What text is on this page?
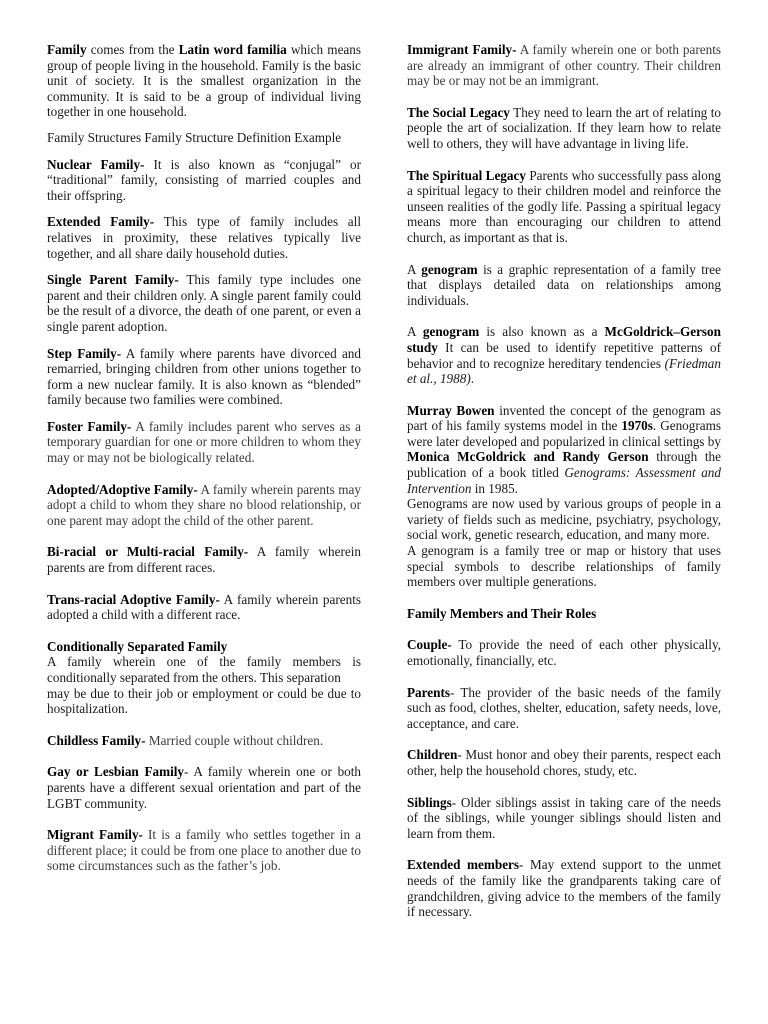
Family comes from the Latin word familia which means group of people living in the household. Family is the basic unit of society. It is the smallest organization in the community. It is said to be a group of individual living together in one household.

Family Structures Family Structure Definition Example

Nuclear Family- It is also known as “conjugal” or “traditional” family, consisting of married couples and their offspring.

Extended Family- This type of family includes all relatives in proximity, these relatives typically live together, and all share daily household duties.

Single Parent Family- This family type includes one parent and their children only. A single parent family could be the result of a divorce, the death of one parent, or even a single parent adoption.

Step Family- A family where parents have divorced and remarried, bringing children from other unions together to form a new nuclear family. It is also known as “blended” family because two families were combined.

Foster Family- A family includes parent who serves as a temporary guardian for one or more children to whom they may or may not be biologically related.

Adopted/Adoptive Family- A family wherein parents may adopt a child to whom they share no blood relationship, or one parent may adopt the child of the other parent.

Bi-racial or Multi-racial Family- A family wherein parents are from different races.

Trans-racial Adoptive Family- A family wherein parents adopted a child with a different race.

Conditionally Separated Family

A family wherein one of the family members is conditionally separated from the others. This separation

may be due to their job or employment or could be due to hospitalization.

Childless Family- Married couple without children.

Gay or Lesbian Family- A family wherein one or both parents have a different sexual orientation and part of the LGBT community.

Migrant Family- It is a family who settles together in a different place; it could be from one place to another due to some circumstances such as the father’s job.

Immigrant Family- A family wherein one or both parents are already an immigrant of other country. Their children may be or may not be an immigrant.

The Social Legacy They need to learn the art of relating to people the art of socialization. If they learn how to relate well to others, they will have advantage in living life.

The Spiritual Legacy Parents who successfully pass along a spiritual legacy to their children model and reinforce the unseen realities of the godly life. Passing a spiritual legacy means more than encouraging our children to attend church, as important as that is.

A genogram is a graphic representation of a family tree that displays detailed data on relationships among individuals.

A genogram is also known as a McGoldrick–Gerson study It can be used to identify repetitive patterns of behavior and to recognize hereditary tendencies (Friedman et al., 1988).

Murray Bowen invented the concept of the genogram as part of his family systems model in the 1970s. Genograms were later developed and popularized in clinical settings by Monica McGoldrick and Randy Gerson through the publication of a book titled Genograms: Assessment and Intervention in 1985.

Genograms are now used by various groups of people in a variety of fields such as medicine, psychiatry, psychology, social work, genetic research, education, and many more.

A genogram is a family tree or map or history that uses special symbols to describe relationships of family members over multiple generations.

Family Members and Their Roles

Couple- To provide the need of each other physically, emotionally, financially, etc.

Parents- The provider of the basic needs of the family such as food, clothes, shelter, education, safety needs, love, acceptance, and care.

Children- Must honor and obey their parents, respect each other, help the household chores, study, etc.

Siblings- Older siblings assist in taking care of the needs of the siblings, while younger siblings should listen and learn from them.

Extended members- May extend support to the unmet needs of the family like the grandparents taking care of grandchildren, giving advice to the members of the family if necessary.
